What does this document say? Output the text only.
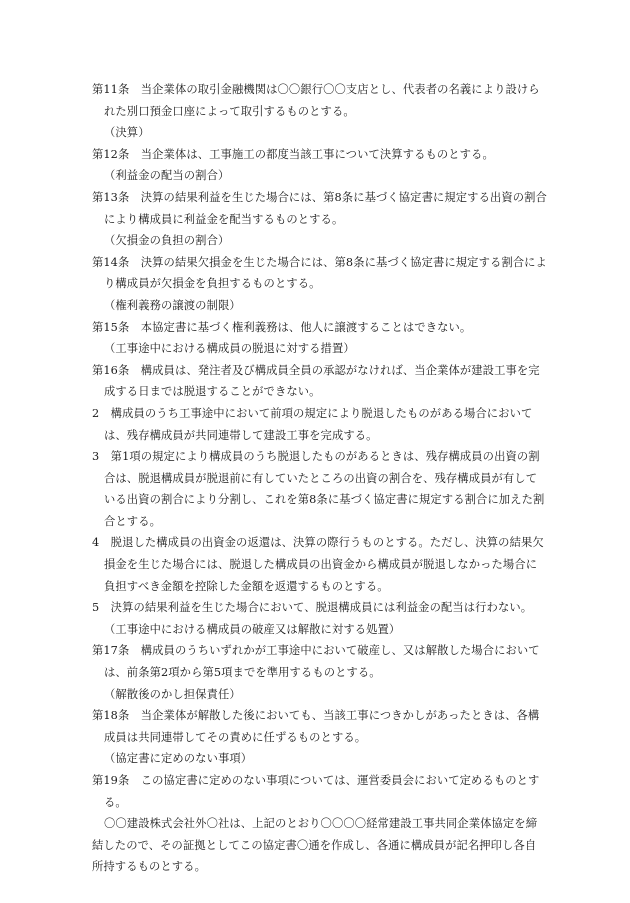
第11条　当企業体の取引金融機関は〇〇銀行〇〇支店とし、代表者の名義により設けら
れた別口預金口座によって取引するものとする。
（決算）
第12条　当企業体は、工事施工の都度当該工事について決算するものとする。
（利益金の配当の割合）
第13条　決算の結果利益を生じた場合には、第8条に基づく協定書に規定する出資の割合
により構成員に利益金を配当するものとする。
（欠損金の負担の割合）
第14条　決算の結果欠損金を生じた場合には、第8条に基づく協定書に規定する割合によ
り構成員が欠損金を負担するものとする。
（権利義務の譲渡の制限）
第15条　本協定書に基づく権利義務は、他人に譲渡することはできない。
（工事途中における構成員の脱退に対する措置）
第16条　構成員は、発注者及び構成員全員の承認がなければ、当企業体が建設工事を完
成する日までは脱退することができない。
2　構成員のうち工事途中において前項の規定により脱退したものがある場合において
は、残存構成員が共同連帯して建設工事を完成する。
3　第1項の規定により構成員のうち脱退したものがあるときは、残存構成員の出資の割
合は、脱退構成員が脱退前に有していたところの出資の割合を、残存構成員が有して
いる出資の割合により分割し、これを第8条に基づく協定書に規定する割合に加えた割
合とする。
4　脱退した構成員の出資金の返還は、決算の際行うものとする。ただし、決算の結果欠
損金を生じた場合には、脱退した構成員の出資金から構成員が脱退しなかった場合に
負担すべき金額を控除した金額を返還するものとする。
5　決算の結果利益を生じた場合において、脱退構成員には利益金の配当は行わない。
（工事途中における構成員の破産又は解散に対する処置）
第17条　構成員のうちいずれかが工事途中において破産し、又は解散した場合において
は、前条第2項から第5項までを準用するものとする。
（解散後のかし担保責任）
第18条　当企業体が解散した後においても、当該工事につきかしがあったときは、各構
成員は共同連帯してその責めに任ずるものとする。
（協定書に定めのない事項）
第19条　この協定書に定めのない事項については、運営委員会において定めるものとす
る。
〇〇建設株式会社外〇社は、上記のとおり〇〇〇〇経常建設工事共同企業体協定を締
結したので、その証拠としてこの協定書〇通を作成し、各通に構成員が記名押印し各自
所持するものとする。
